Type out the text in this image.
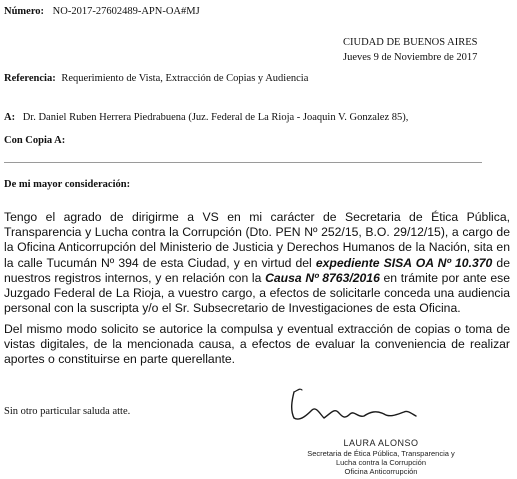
Número: NO-2017-27602489-APN-OA#MJ
CIUDAD DE BUENOS AIRES
Jueves 9 de Noviembre de 2017
Referencia: Requerimiento de Vista, Extracción de Copias y Audiencia
A: Dr. Daniel Ruben Herrera Piedrabuena (Juz. Federal de La Rioja - Joaquin V. Gonzalez 85),
Con Copia A:
De mi mayor consideración:
Tengo el agrado de dirigirme a VS en mi carácter de Secretaria de Ética Pública, Transparencia y Lucha contra la Corrupción (Dto. PEN Nº 252/15, B.O. 29/12/15), a cargo de la Oficina Anticorrupción del Ministerio de Justicia y Derechos Humanos de la Nación, sita en la calle Tucumán Nº 394 de esta Ciudad, y en virtud del expediente SISA OA Nº 10.370 de nuestros registros internos, y en relación con la Causa Nº 8763/2016 en trámite por ante ese Juzgado Federal de La Rioja, a vuestro cargo, a efectos de solicitarle conceda una audiencia personal con la suscripta y/o el Sr. Subsecretario de Investigaciones de esta Oficina.
Del mismo modo solicito se autorice la compulsa y eventual extracción de copias o toma de vistas digitales, de la mencionada causa, a efectos de evaluar la conveniencia de realizar aportes o constituirse en parte querellante.
Sin otro particular saluda atte.
LAURA ALONSO
Secretaria de Ética Pública, Transparencia y
Lucha contra la Corrupción
Oficina Anticorrupción
